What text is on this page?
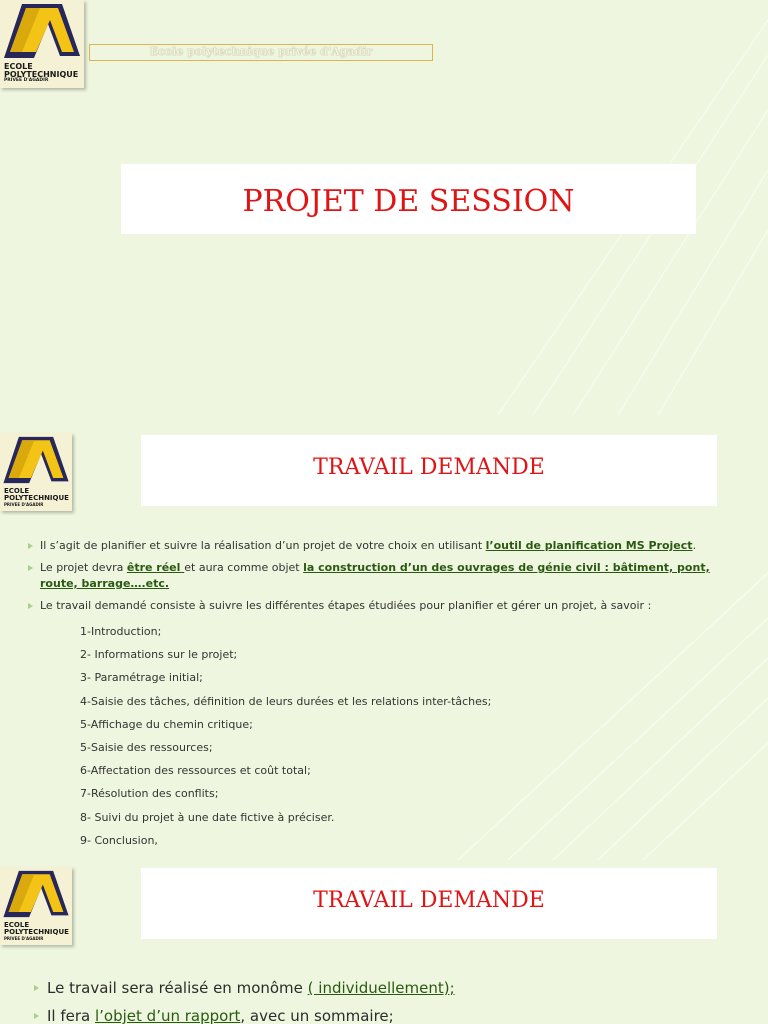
ECOLE
POLYTECHNIQUE
PRIVEE D'AGADIR
Ecole polytechnique privée d'Agadir
PROJET DE SESSION
ECOLE
POLYTECHNIQUE
PRIVEE D'AGADIR
TRAVAIL DEMANDE
Il s’agit de planifier et suivre la réalisation d’un projet de votre choix en utilisant l’outil de planification MS Project.
Le projet devra être réel et aura comme objet la construction d’un des ouvrages de génie civil : bâtiment, pont, route, barrage….etc.
Le travail demandé consiste à suivre les différentes étapes étudiées pour planifier et gérer un projet, à savoir :
1-Introduction;
2- Informations sur le projet;
3- Paramétrage initial;
4-Saisie des tâches, définition de leurs durées et les relations inter-tâches;
5-Affichage du chemin critique;
5-Saisie des ressources;
6-Affectation des ressources et coût total;
7-Résolution des conflits;
8- Suivi du projet à une date fictive à préciser.
9- Conclusion,
ECOLE
POLYTECHNIQUE
PRIVEE D'AGADIR
TRAVAIL DEMANDE
Le travail sera réalisé en monôme ( individuellement);
Il fera l’objet d’un rapport, avec un sommaire;
